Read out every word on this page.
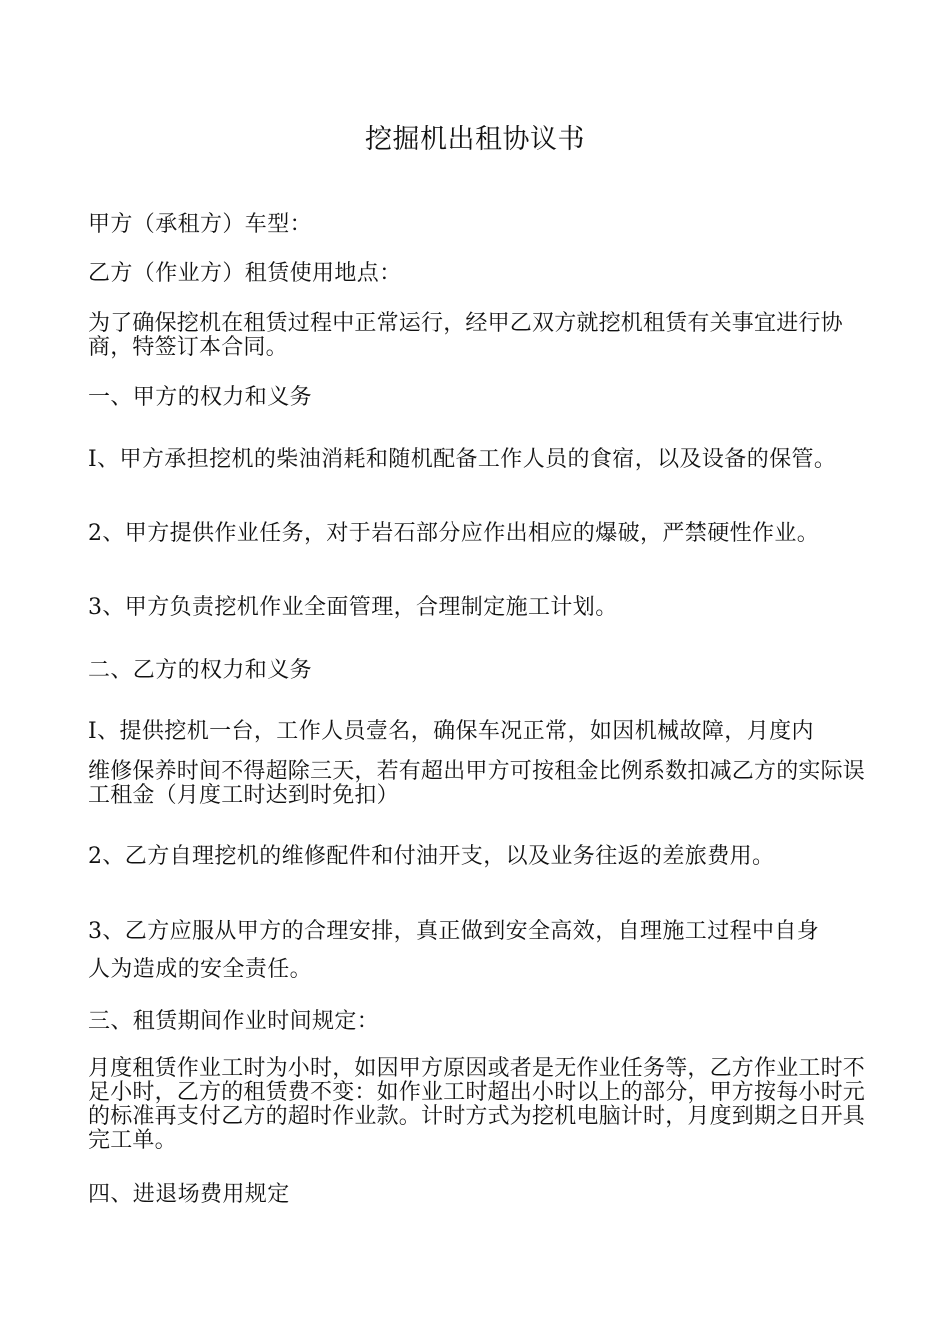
挖掘机出租协议书
甲方（承租方）车型：
乙方（作业方）租赁使用地点：
为了确保挖机在租赁过程中正常运行，经甲乙双方就挖机租赁有关事宜进行协商，特签订本合同。
一、甲方的权力和义务
I、甲方承担挖机的柴油消耗和随机配备工作人员的食宿，以及设备的保管。
2、甲方提供作业任务，对于岩石部分应作出相应的爆破，严禁硬性作业。
3、甲方负责挖机作业全面管理，合理制定施工计划。
二、乙方的权力和义务
I、提供挖机一台，工作人员壹名，确保车况正常，如因机械故障，月度内
维修保养时间不得超除三天，若有超出甲方可按租金比例系数扣减乙方的实际误工租金（月度工时达到时免扣）
2、乙方自理挖机的维修配件和付油开支，以及业务往返的差旅费用。
3、乙方应服从甲方的合理安排，真正做到安全高效，自理施工过程中自身
人为造成的安全责任。
三、租赁期间作业时间规定：
月度租赁作业工时为小时，如因甲方原因或者是无作业任务等，乙方作业工时不足小时，乙方的租赁费不变：如作业工时超出小时以上的部分，甲方按每小时元的标准再支付乙方的超时作业款。计时方式为挖机电脑计时，月度到期之日开具完工单。
四、进退场费用规定
